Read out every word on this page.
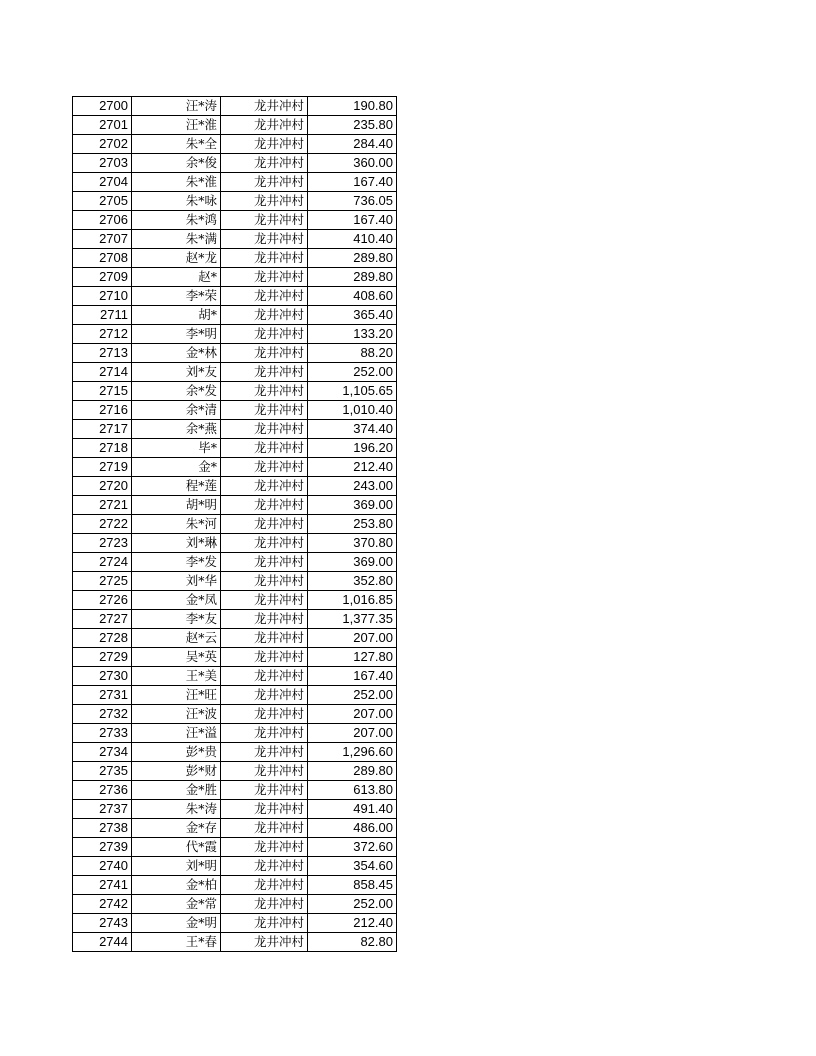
2700	汪*涛	龙井冲村	190.80
2701	汪*淮	龙井冲村	235.80
2702	朱*全	龙井冲村	284.40
2703	余*俊	龙井冲村	360.00
2704	朱*淮	龙井冲村	167.40
2705	朱*咏	龙井冲村	736.05
2706	朱*鸿	龙井冲村	167.40
2707	朱*满	龙井冲村	410.40
2708	赵*龙	龙井冲村	289.80
2709	赵*	龙井冲村	289.80
2710	李*荣	龙井冲村	408.60
2711	胡*	龙井冲村	365.40
2712	李*明	龙井冲村	133.20
2713	金*林	龙井冲村	88.20
2714	刘*友	龙井冲村	252.00
2715	余*发	龙井冲村	1,105.65
2716	余*清	龙井冲村	1,010.40
2717	余*燕	龙井冲村	374.40
2718	毕*	龙井冲村	196.20
2719	金*	龙井冲村	212.40
2720	程*莲	龙井冲村	243.00
2721	胡*明	龙井冲村	369.00
2722	朱*河	龙井冲村	253.80
2723	刘*琳	龙井冲村	370.80
2724	李*发	龙井冲村	369.00
2725	刘*华	龙井冲村	352.80
2726	金*凤	龙井冲村	1,016.85
2727	李*友	龙井冲村	1,377.35
2728	赵*云	龙井冲村	207.00
2729	吴*英	龙井冲村	127.80
2730	王*美	龙井冲村	167.40
2731	汪*旺	龙井冲村	252.00
2732	汪*波	龙井冲村	207.00
2733	汪*溢	龙井冲村	207.00
2734	彭*贵	龙井冲村	1,296.60
2735	彭*财	龙井冲村	289.80
2736	金*胜	龙井冲村	613.80
2737	朱*涛	龙井冲村	491.40
2738	金*存	龙井冲村	486.00
2739	代*霞	龙井冲村	372.60
2740	刘*明	龙井冲村	354.60
2741	金*柏	龙井冲村	858.45
2742	金*常	龙井冲村	252.00
2743	金*明	龙井冲村	212.40
2744	王*春	龙井冲村	82.80
